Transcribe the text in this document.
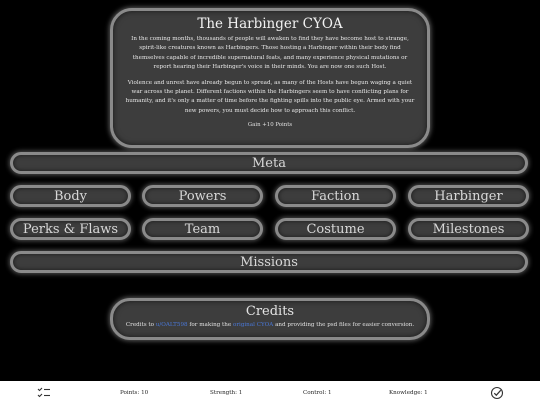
The Harbinger CYOA
In the coming months, thousands of people will awaken to find they have become host to strange, spirit-like creatures known as Harbingers. Those hosting a Harbinger within their body find themselves capable of incredible supernatural feats, and many experience physical mutations or report hearing their Harbinger's voice in their minds. You are now one such Host.
Violence and unrest have already begun to spread, as many of the Hosts have begun waging a quiet war across the planet. Different factions within the Harbingers seem to have conflicting plans for humanity, and it's only a matter of time before the fighting spills into the public eye. Armed with your new powers, you must decide how to approach this conflict.
Gain +10 Points
Meta
Body	Powers	Faction	Harbinger
Perks & Flaws	Team	Costume	Milestones
Missions
Credits
Credits to u/OALT598 for making the original CYOA and providing the psd files for easier conversion.
Points: 10	Strength: 1	Control: 1	Knowledge: 1
